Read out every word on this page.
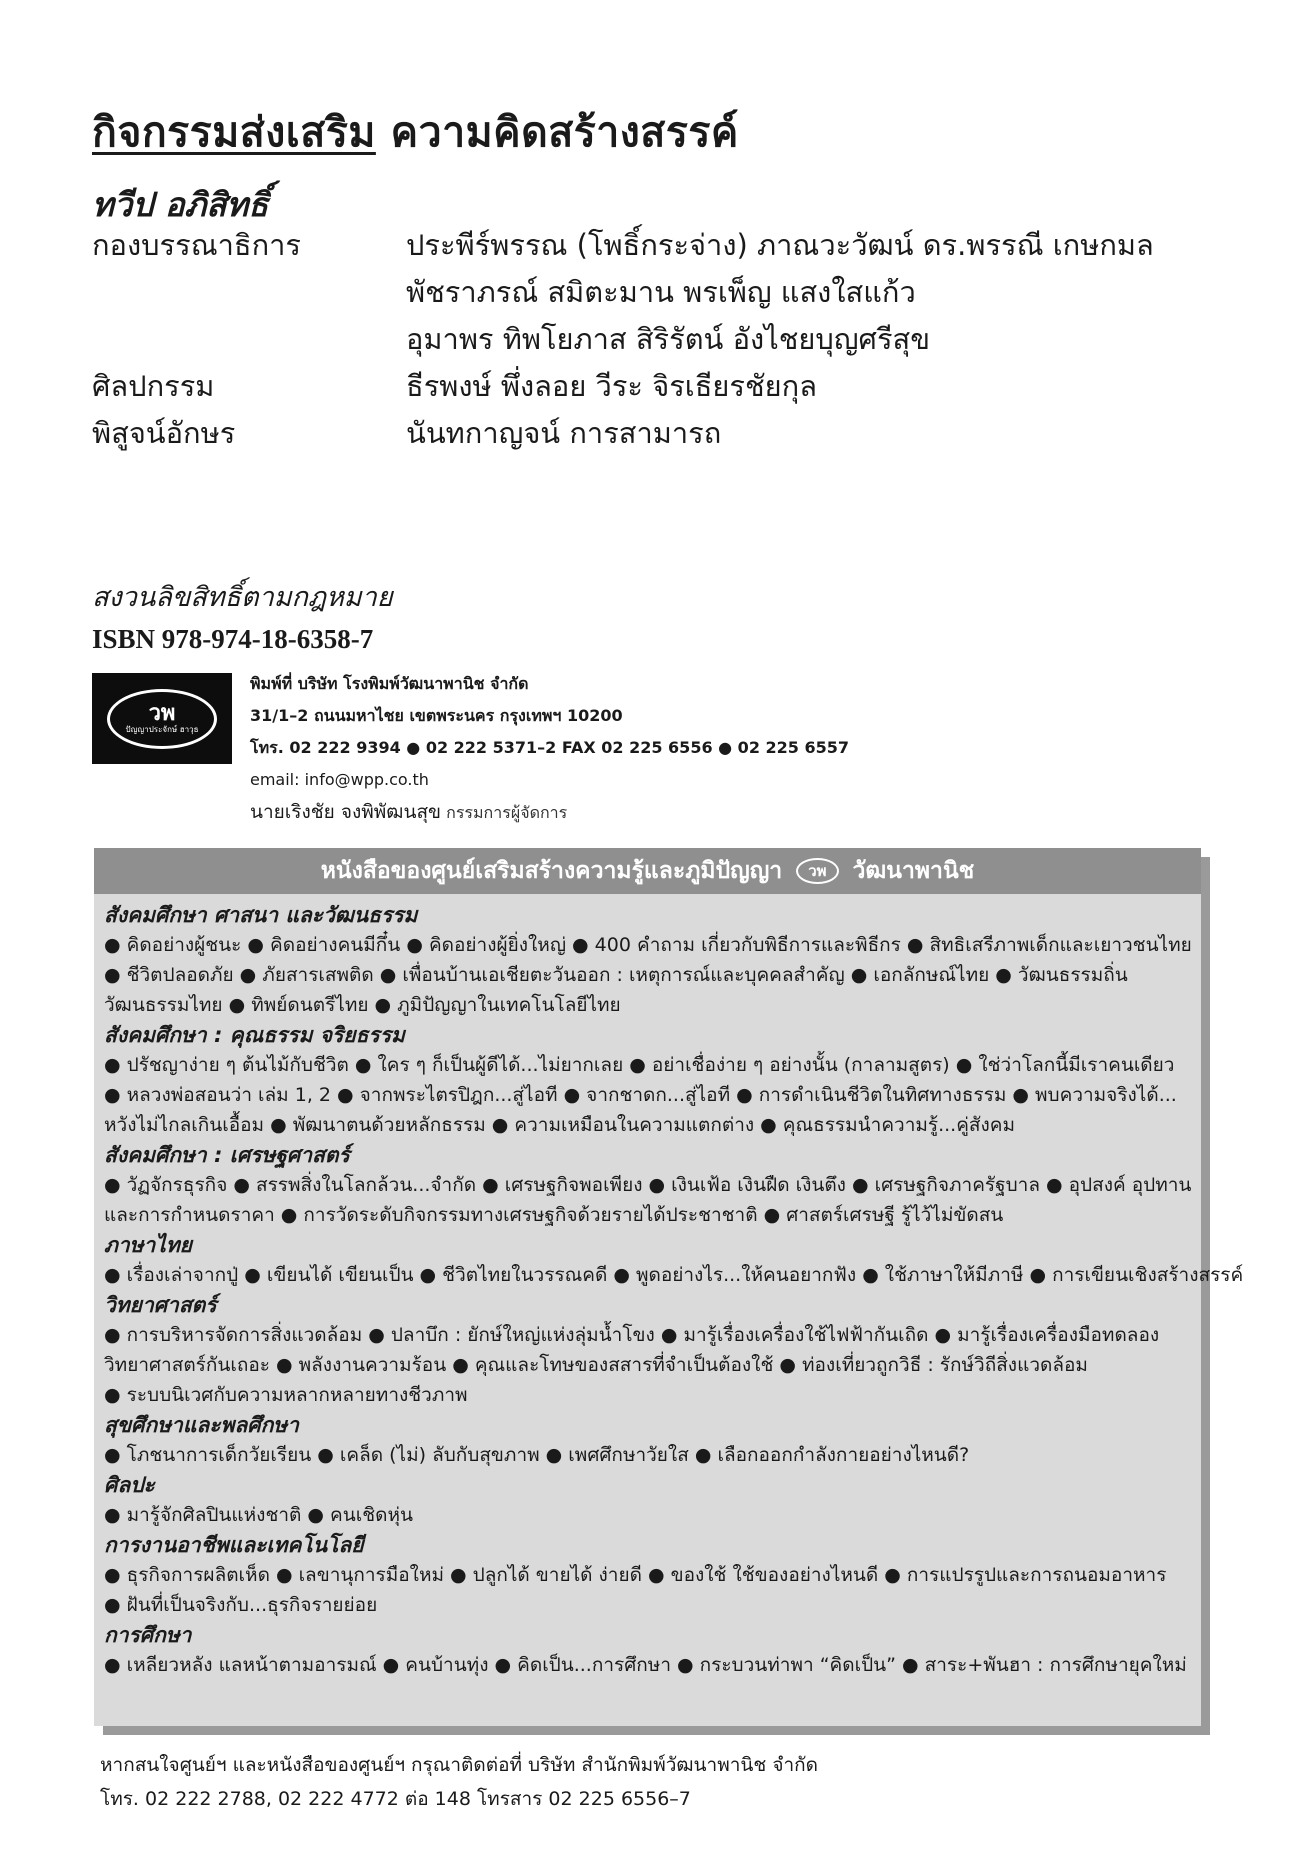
กิจกรรมส่งเสริม ความคิดสร้างสรรค์
ทวีป อภิสิทธิ์
กองบรรณาธิการ	ประพีร์พรรณ (โพธิ์กระจ่าง) ภาณวะวัฒน์ ดร.พรรณี เกษกมล
พัชราภรณ์ สมิตะมาน พรเพ็ญ แสงใสแก้ว
อุมาพร ทิพโยภาส สิริรัตน์ อังไชยบุญศรีสุข
ศิลปกรรม	ธีรพงษ์ พึ่งลอย วีระ จิรเธียรชัยกุล
พิสูจน์อักษร	นันทกาญจน์ การสามารถ
สงวนลิขสิทธิ์ตามกฎหมาย
ISBN 978-974-18-6358-7
วพ
ปัญญาประจักษ์ ฮาวุธ
พิมพ์ที่ บริษัท โรงพิมพ์วัฒนาพานิช จำกัด
31/1–2 ถนนมหาไชย เขตพระนคร กรุงเทพฯ 10200
โทร. 02 222 9394 ● 02 222 5371–2 FAX 02 225 6556 ● 02 225 6557
email: info@wpp.co.th
นายเริงชัย จงพิพัฒนสุข กรรมการผู้จัดการ
หนังสือของศูนย์เสริมสร้างความรู้และภูมิปัญญา	วพ	วัฒนาพานิช
สังคมศึกษา ศาสนา และวัฒนธรรม
● คิดอย่างผู้ชนะ ● คิดอย่างคนมีกึ๋น ● คิดอย่างผู้ยิ่งใหญ่ ● 400 คำถาม เกี่ยวกับพิธีการและพิธีกร ● สิทธิเสรีภาพเด็กและเยาวชนไทย
● ชีวิตปลอดภัย ● ภัยสารเสพติด ● เพื่อนบ้านเอเชียตะวันออก : เหตุการณ์และบุคคลสำคัญ ● เอกลักษณ์ไทย ● วัฒนธรรมถิ่น
วัฒนธรรมไทย ● ทิพย์ดนตรีไทย ● ภูมิปัญญาในเทคโนโลยีไทย
สังคมศึกษา : คุณธรรม จริยธรรม
● ปรัชญาง่าย ๆ ต้นไม้กับชีวิต ● ใคร ๆ ก็เป็นผู้ดีได้...ไม่ยากเลย ● อย่าเชื่อง่าย ๆ อย่างนั้น (กาลามสูตร) ● ใช่ว่าโลกนี้มีเราคนเดียว
● หลวงพ่อสอนว่า เล่ม 1, 2 ● จากพระไตรปิฎก...สู่ไอที ● จากชาดก...สู่ไอที ● การดำเนินชีวิตในทิศทางธรรม ● พบความจริงได้...
หวังไม่ไกลเกินเอื้อม ● พัฒนาตนด้วยหลักธรรม ● ความเหมือนในความแตกต่าง ● คุณธรรมนำความรู้...คู่สังคม
สังคมศึกษา : เศรษฐศาสตร์
● วัฏจักรธุรกิจ ● สรรพสิ่งในโลกล้วน...จำกัด ● เศรษฐกิจพอเพียง ● เงินเฟ้อ เงินฝืด เงินตึง ● เศรษฐกิจภาครัฐบาล ● อุปสงค์ อุปทาน
และการกำหนดราคา ● การวัดระดับกิจกรรมทางเศรษฐกิจด้วยรายได้ประชาชาติ ● ศาสตร์เศรษฐี รู้ไว้ไม่ขัดสน
ภาษาไทย
● เรื่องเล่าจากปู่ ● เขียนได้ เขียนเป็น ● ชีวิตไทยในวรรณคดี ● พูดอย่างไร...ให้คนอยากฟัง ● ใช้ภาษาให้มีภาษี ● การเขียนเชิงสร้างสรรค์
วิทยาศาสตร์
● การบริหารจัดการสิ่งแวดล้อม ● ปลาบึก : ยักษ์ใหญ่แห่งลุ่มน้ำโขง ● มารู้เรื่องเครื่องใช้ไฟฟ้ากันเถิด ● มารู้เรื่องเครื่องมือทดลอง
วิทยาศาสตร์กันเถอะ ● พลังงานความร้อน ● คุณและโทษของสสารที่จำเป็นต้องใช้ ● ท่องเที่ยวถูกวิธี : รักษ์วิถีสิ่งแวดล้อม
● ระบบนิเวศกับความหลากหลายทางชีวภาพ
สุขศึกษาและพลศึกษา
● โภชนาการเด็กวัยเรียน ● เคล็ด (ไม่) ลับกับสุขภาพ ● เพศศึกษาวัยใส ● เลือกออกกำลังกายอย่างไหนดี?
ศิลปะ
● มารู้จักศิลปินแห่งชาติ ● คนเชิดหุ่น
การงานอาชีพและเทคโนโลยี
● ธุรกิจการผลิตเห็ด ● เลขานุการมือใหม่ ● ปลูกได้ ขายได้ ง่ายดี ● ของใช้ ใช้ของอย่างไหนดี ● การแปรรูปและการถนอมอาหาร
● ฝันที่เป็นจริงกับ...ธุรกิจรายย่อย
การศึกษา
● เหลียวหลัง แลหน้าตามอารมณ์ ● คนบ้านทุ่ง ● คิดเป็น...การศึกษา ● กระบวนท่าพา “คิดเป็น” ● สาระ+พันฮา : การศึกษายุคใหม่
หากสนใจศูนย์ฯ และหนังสือของศูนย์ฯ กรุณาติดต่อที่ บริษัท สำนักพิมพ์วัฒนาพานิช จำกัด
โทร. 02 222 2788, 02 222 4772 ต่อ 148 โทรสาร 02 225 6556–7
